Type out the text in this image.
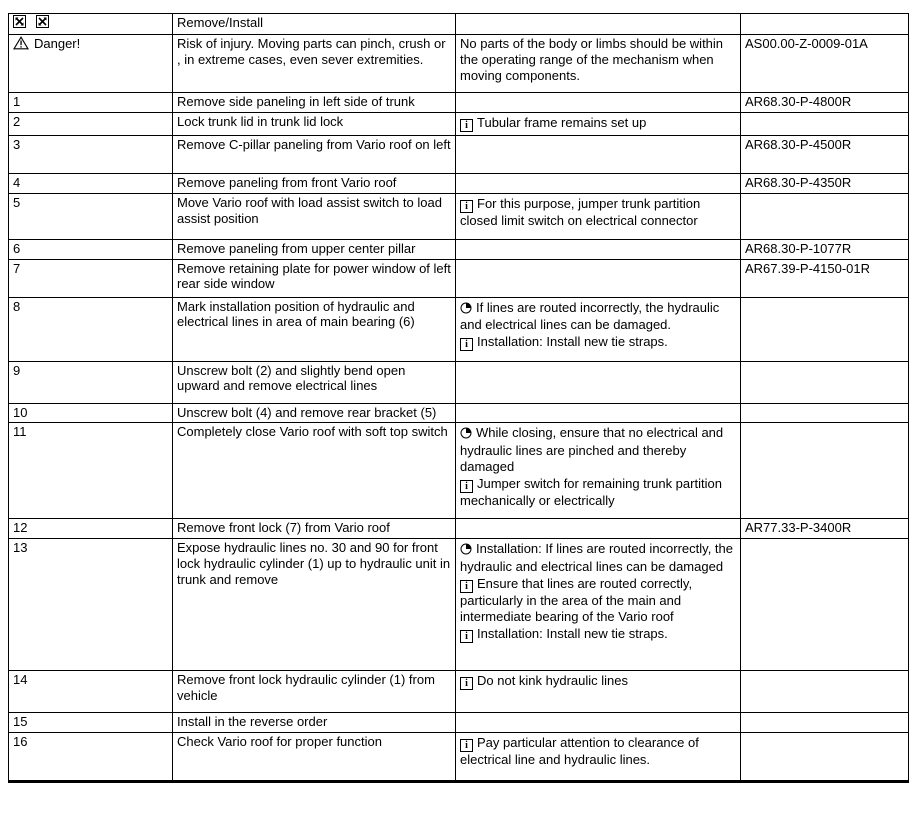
	Remove/Install		
Danger!	Risk of injury. Moving parts can pinch, crush or , in extreme cases, even sever extremities.	No parts of the body or limbs should be within the operating range of the mechanism when moving components.	AS00.00-Z-0009-01A
1	Remove side paneling in left side of trunk		AR68.30-P-4800R
2	Lock trunk lid in trunk lid lock	i Tubular frame remains set up	

3	Remove C-pillar paneling from Vario roof on left		AR68.30-P-4500R
4	Remove paneling from front Vario roof		AR68.30-P-4350R
5	Move Vario roof with load assist switch to load assist position	i For this purpose, jumper trunk partition closed limit switch on electrical connector	

6	Remove paneling from upper center pillar		AR68.30-P-1077R
7	Remove retaining plate for power window of left rear side window		AR67.39-P-4150-01R
8	Mark installation position of hydraulic and electrical lines in area of main bearing (6)	If lines are routed incorrectly, the hydraulic and electrical lines can be damaged.
i Installation: Install new tie straps.	

9	Unscrew bolt (2) and slightly bend open upward and remove electrical lines		
10	Unscrew bolt (4) and remove rear bracket (5)		
11	Completely close Vario roof with soft top switch	While closing, ensure that no electrical and hydraulic lines are pinched and thereby damaged
i Jumper switch for remaining trunk partition mechanically or electrically	

12	Remove front lock (7) from Vario roof		AR77.33-P-3400R
13	Expose hydraulic lines no. 30 and 90 for front lock hydraulic cylinder (1) up to hydraulic unit in trunk and remove	Installation: If lines are routed incorrectly, the hydraulic and electrical lines can be damaged
i Ensure that lines are routed correctly, particularly in the area of the main and intermediate bearing of the Vario roof
i Installation: Install new tie straps.	

14	Remove front lock hydraulic cylinder (1) from vehicle	i Do not kink hydraulic lines	

15	Install in the reverse order		
16	Check Vario roof for proper function	i Pay particular attention to clearance of electrical line and hydraulic lines.	
